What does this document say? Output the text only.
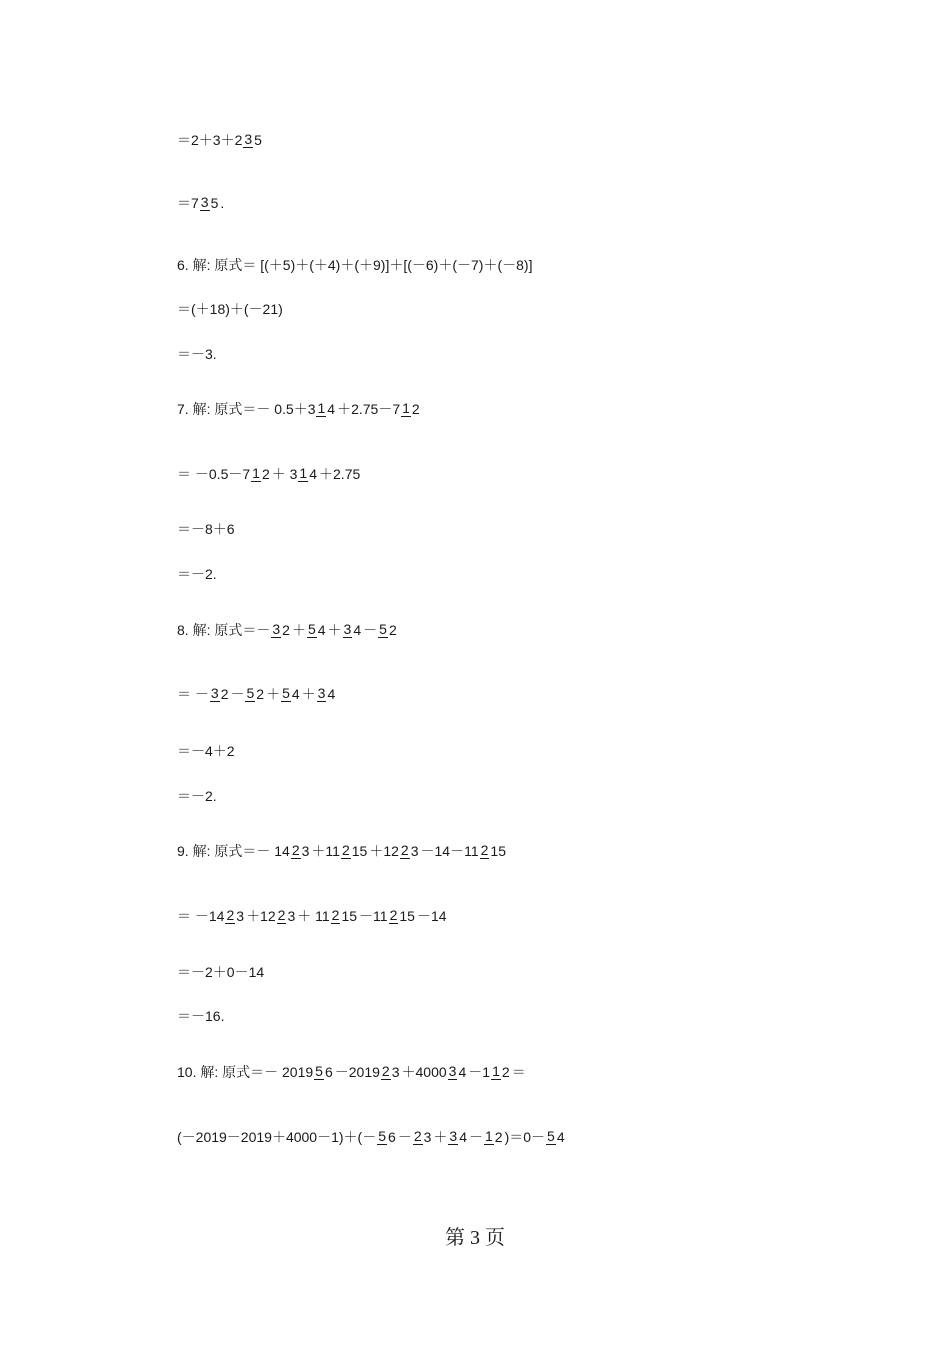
＝2＋3＋2 3 5
＝7 3 5 .
6. 解: 原式＝ [(＋5)＋(＋4)＋(＋9)]＋[(－6)＋(－7)＋(－8)]
＝(＋18)＋(－21)
＝－3.
7. 解: 原式＝－ 0.5＋3 1 4 ＋2.75－7 1 2
＝ －0.5－7 1 2＋ 3 1 4 ＋2.75
＝－8＋6
＝－2.
8. 解: 原式＝－3 2 ＋ 5 4 ＋ 3 4 － 5 2
＝ － 3 2 － 5 2＋5 4 ＋ 3 4
＝－4＋2
＝－2.
9. 解: 原式＝－ 14 2 3 ＋11 2 15 ＋12 2 3 －14－11 2 15
＝ －14 2 3 ＋12 2 3＋ 11 2 15 －11 2 15－14
＝－2＋0－14
＝－16.
10. 解: 原式＝－ 2019 5 6 －2019 2 3 ＋4000 3 4 －1 1 2 ＝
(－2019－2019＋4000－1)＋(－ 5 6 － 2 3 ＋ 3 4 － 1 2 )＝0－ 5 4
第 3 页
